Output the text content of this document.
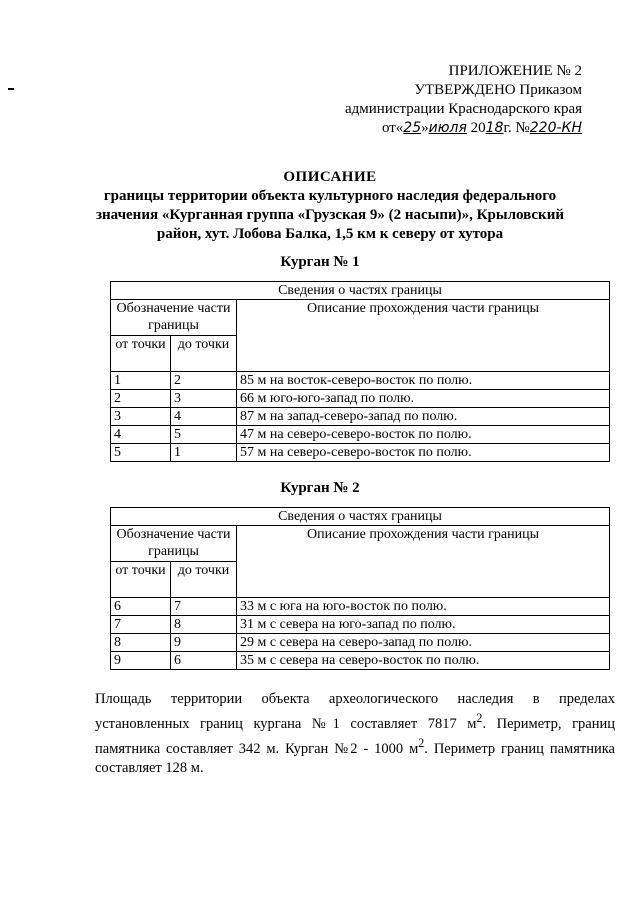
ПРИЛОЖЕНИЕ № 2
УТВЕРЖДЕНО Приказом
администрации Краснодарского края
от«25»июля 2018г. №220-КН
ОПИСАНИЕ
границы территории объекта культурного наследия федерального
значения «Курганная группа «Грузская 9» (2 насыпи)», Крыловский
район, хут. Лобова Балка, 1,5 км к северу от хутора
Курган № 1
Сведения о частях границы		
Обозначение части границы		Описание прохождения части границы
от точки	до точки	
1	2	85 м на восток-северо-восток по полю.
2	3	66 м юго-юго-запад по полю.
3	4	87 м на запад-северо-запад по полю.
4	5	47 м на северо-северо-восток по полю.
5	1	57 м на северо-северо-восток по полю.
Курган № 2
Сведения о частях границы		
Обозначение части границы		Описание прохождения части границы
от точки	до точки	
6	7	33 м с юга на юго-восток по полю.
7	8	31 м с севера на юго-запад по полю.
8	9	29 м с севера на северо-запад по полю.
9	6	35 м с севера на северо-восток по полю.
Площадь территории объекта археологического наследия в пределах установленных границ кургана №1 составляет 7817 $м^2$. Периметр, границ памятника составляет 342 м. Курган №2 - 1000 $м^2$. Периметр границ памятника составляет 128 м.
